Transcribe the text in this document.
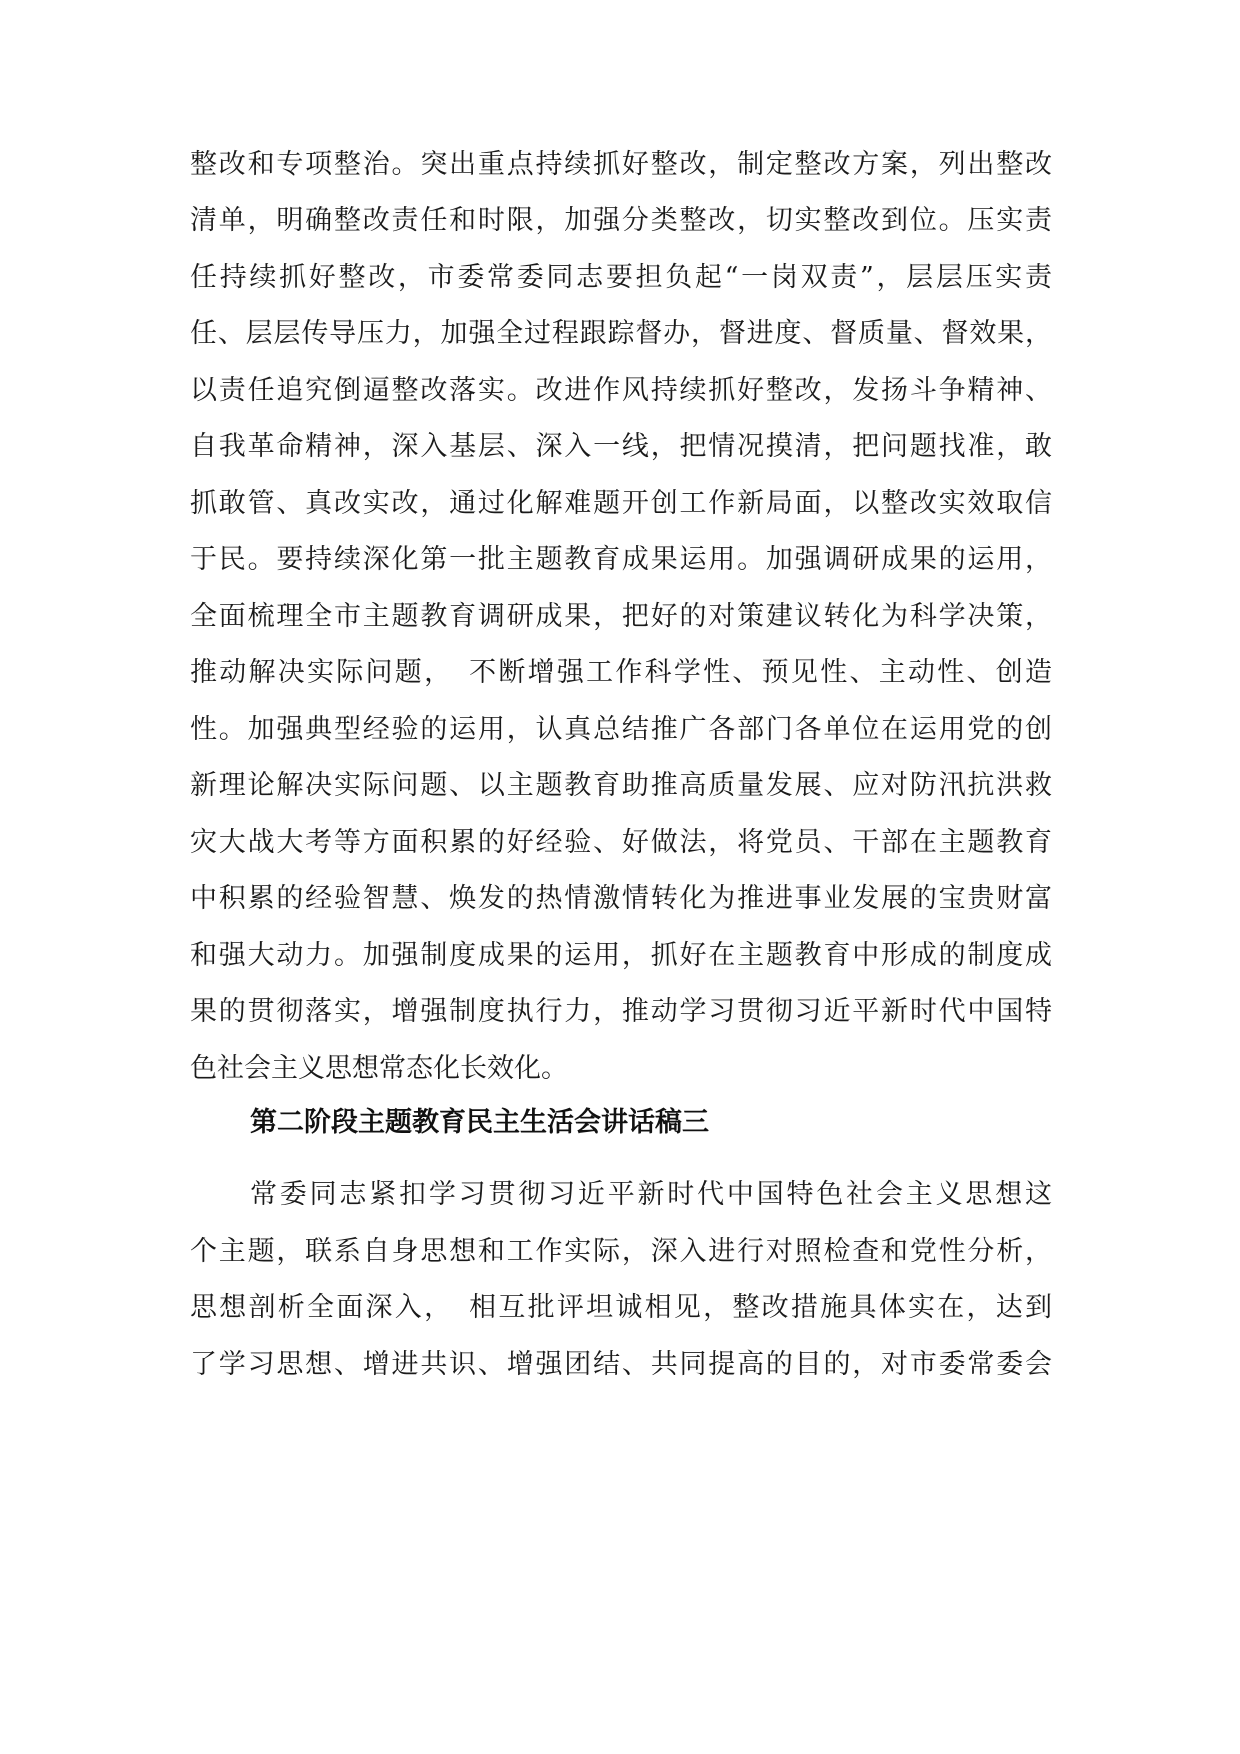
整改和专项整治。突出重点持续抓好整改，制定整改方案，列出整改

清单，明确整改责任和时限，加强分类整改，切实整改到位。压实责

任持续抓好整改，市委常委同志要担负起“一岗双责”，层层压实责

任、层层传导压力，加强全过程跟踪督办，督进度、督质量、督效果，

以责任追究倒逼整改落实。改进作风持续抓好整改，发扬斗争精神、

自我革命精神，深入基层、深入一线，把情况摸清，把问题找准，敢

抓敢管、真改实改，通过化解难题开创工作新局面，以整改实效取信

于民。要持续深化第一批主题教育成果运用。加强调研成果的运用，

全面梳理全市主题教育调研成果，把好的对策建议转化为科学决策，

推动解决实际问题，　不断增强工作科学性、预见性、主动性、创造

性。加强典型经验的运用，认真总结推广各部门各单位在运用党的创

新理论解决实际问题、以主题教育助推高质量发展、应对防汛抗洪救

灾大战大考等方面积累的好经验、好做法，将党员、干部在主题教育

中积累的经验智慧、焕发的热情激情转化为推进事业发展的宝贵财富

和强大动力。加强制度成果的运用，抓好在主题教育中形成的制度成

果的贯彻落实，增强制度执行力，推动学习贯彻习近平新时代中国特

色社会主义思想常态化长效化。

第二阶段主题教育民主生活会讲话稿三

常委同志紧扣学习贯彻习近平新时代中国特色社会主义思想这

个主题，联系自身思想和工作实际，深入进行对照检查和党性分析，

思想剖析全面深入，　相互批评坦诚相见，整改措施具体实在，达到

了学习思想、增进共识、增强团结、共同提高的目的，对市委常委会
